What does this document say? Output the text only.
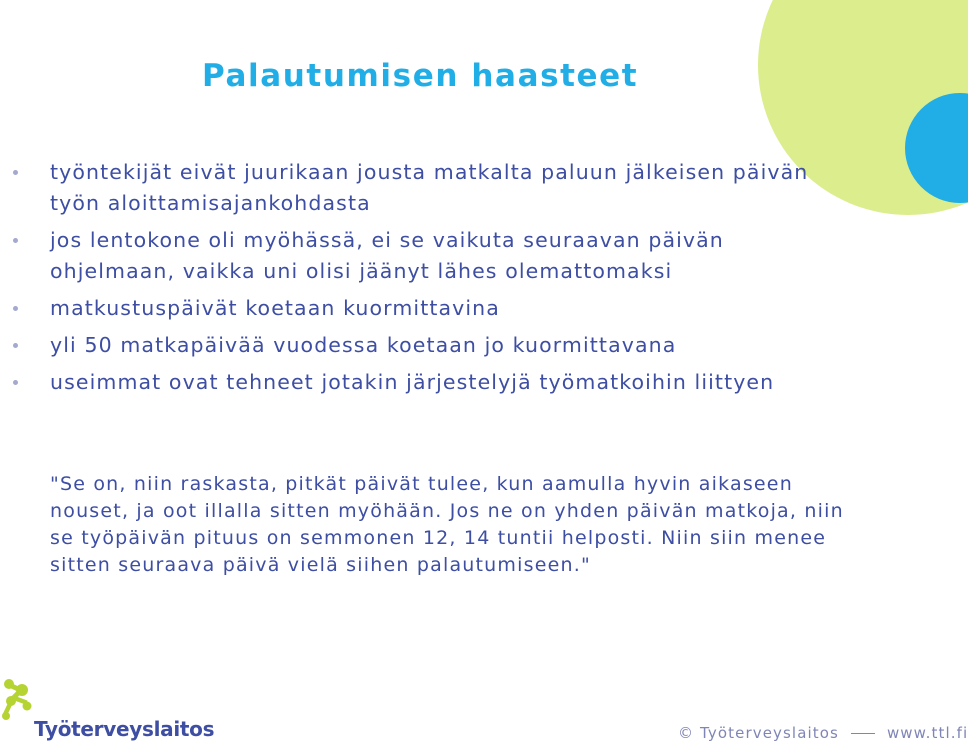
Palautumisen haasteet
työntekijät eivät juurikaan jousta matkalta paluun jälkeisen päivän työn aloittamisajankohdasta
jos lentokone oli myöhässä, ei se vaikuta seuraavan päivän ohjelmaan, vaikka uni olisi jäänyt lähes olemattomaksi
matkustuspäivät koetaan kuormittavina
yli 50 matkapäivää vuodessa koetaan jo kuormittavana
useimmat ovat tehneet jotakin järjestelyjä työmatkoihin liittyen

"Se on, niin raskasta, pitkät päivät tulee, kun aamulla hyvin aikaseen nouset, ja oot illalla sitten myöhään. Jos ne on yhden päivän matkoja, niin se työpäivän pituus on semmonen 12, 14 tuntii helposti. Niin siin menee sitten seuraava päivä vielä siihen palautumiseen."

Työterveyslaitos	© Työterveyslaitos	www.ttl.fi
